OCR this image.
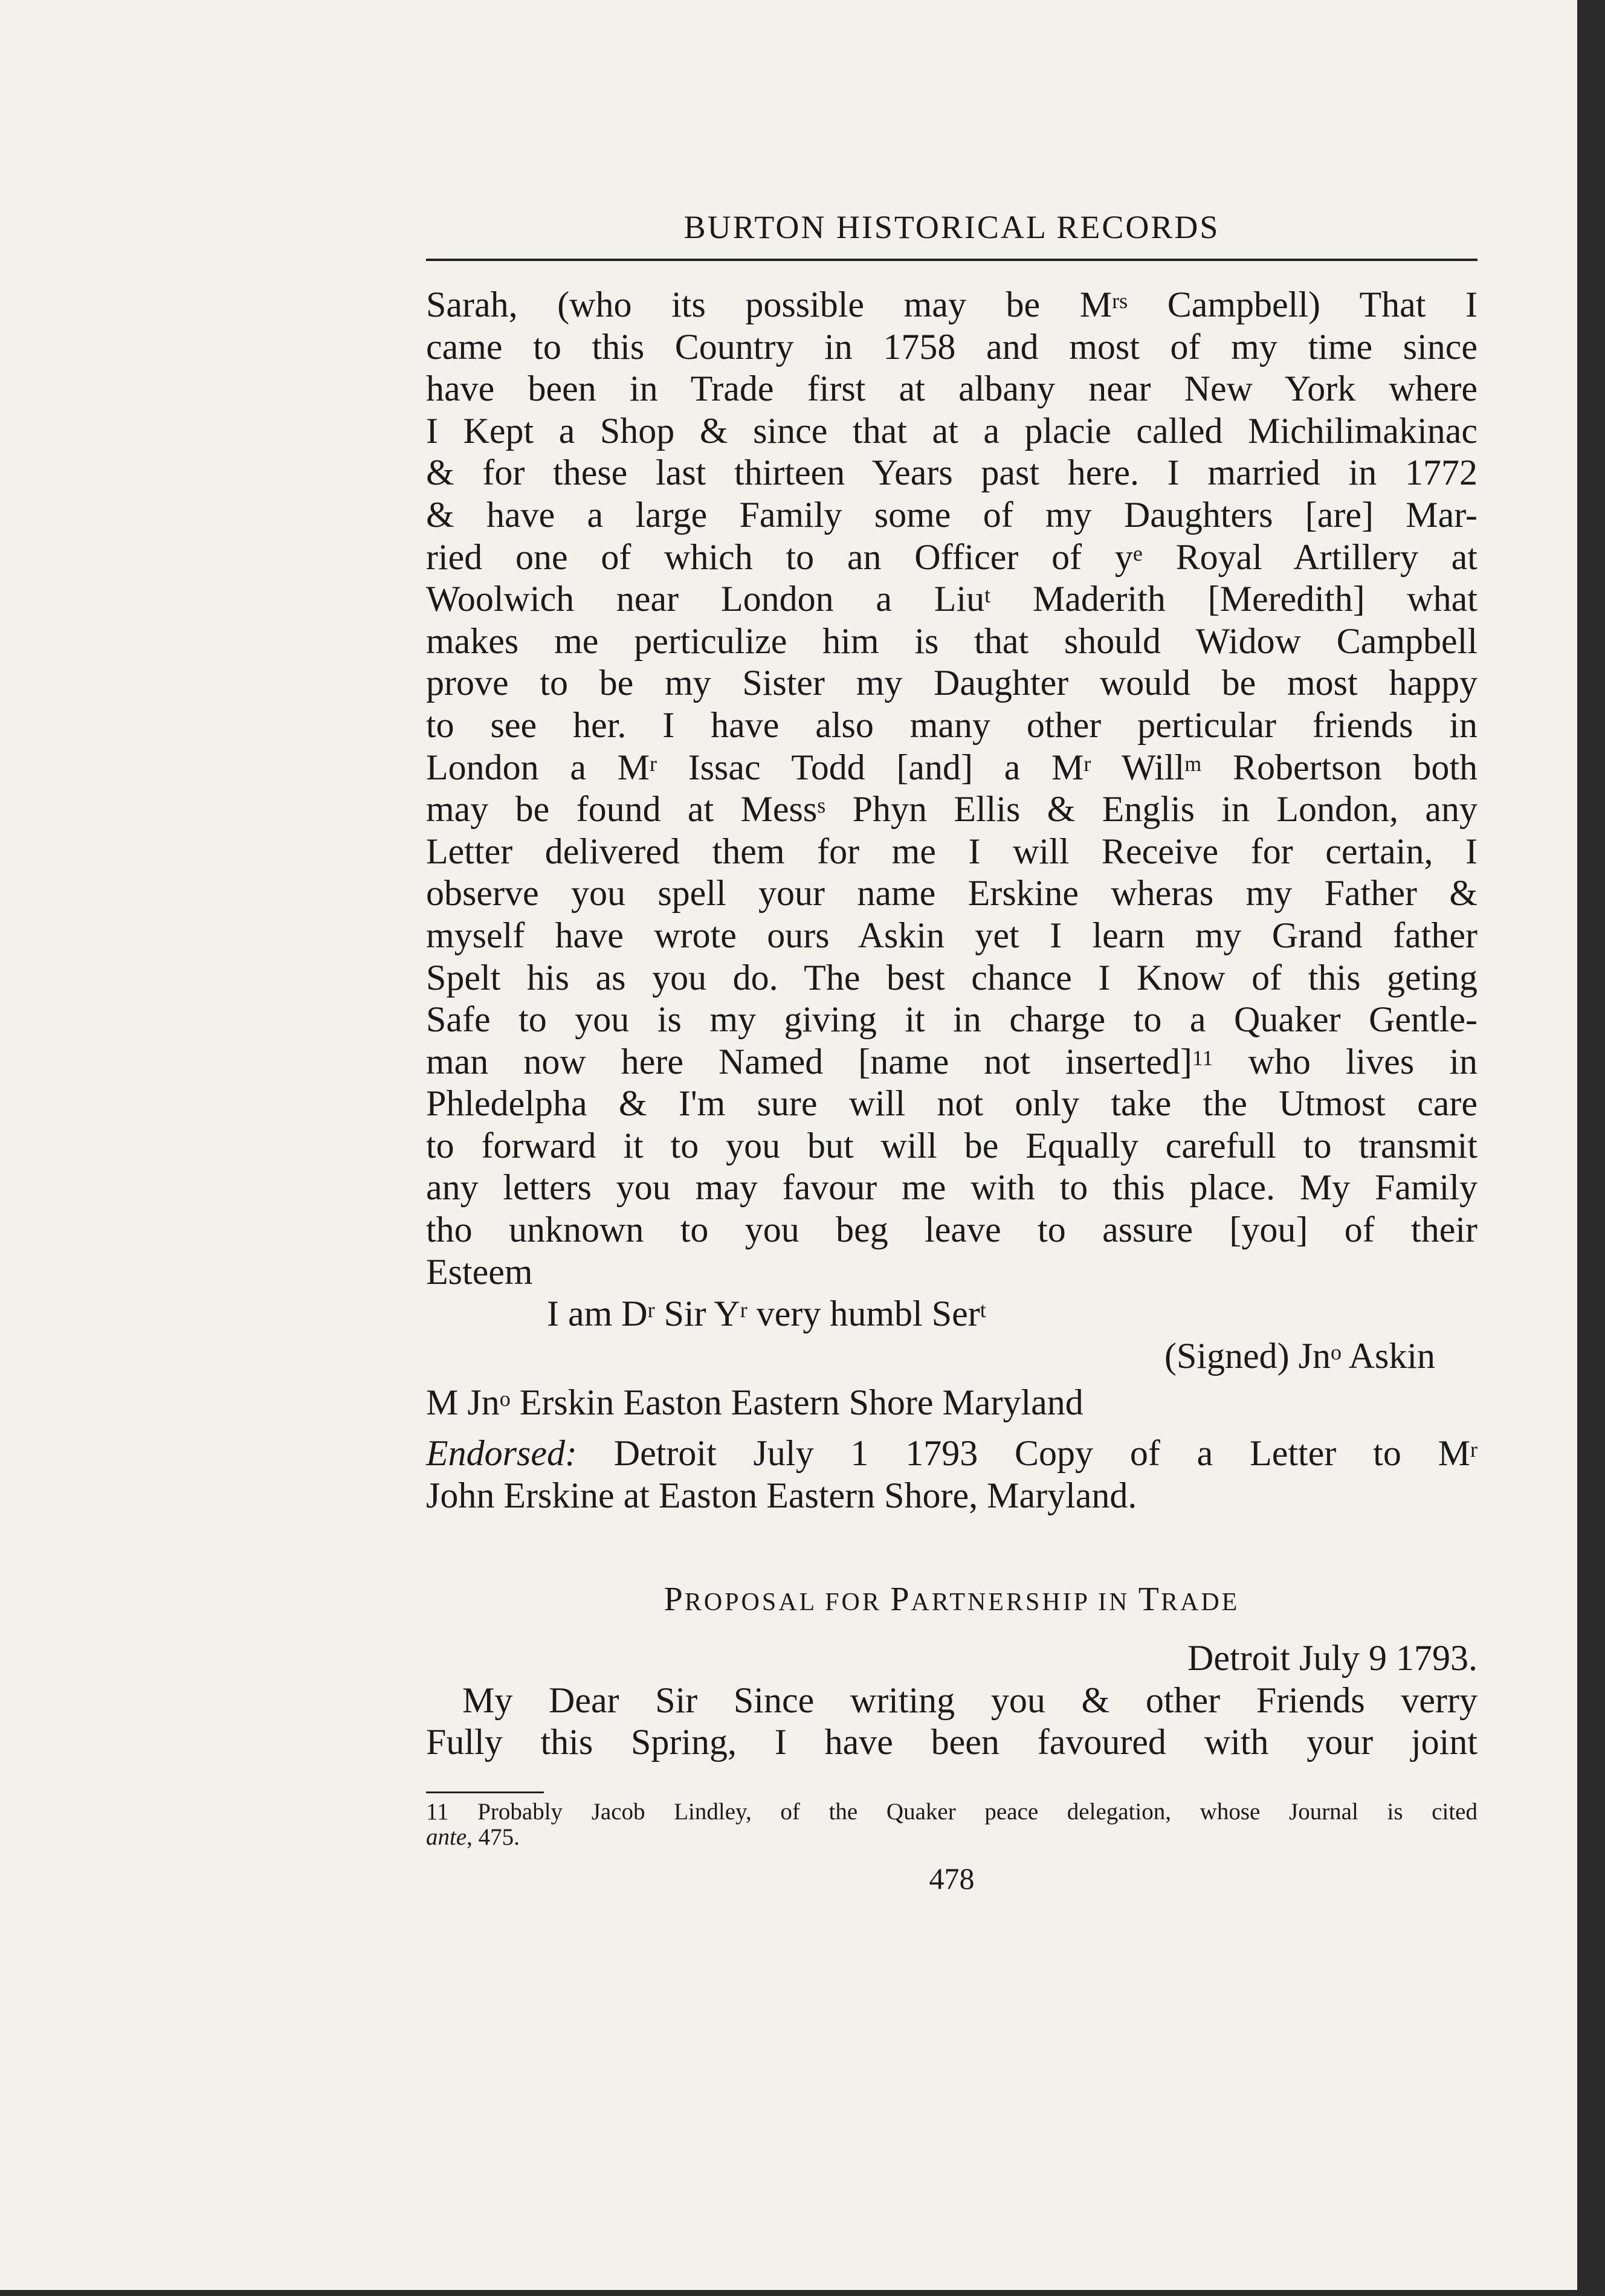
BURTON HISTORICAL RECORDS
Sarah, (who its possible may be $M^{rs}$ Campbell) That I
came to this Country in 1758 and most of my time since
have been in Trade first at albany near New York where
I Kept a Shop & since that at a placie called Michilimakinac
& for these last thirteen Years past here. I married in 1772
& have a large Family some of my Daughters [are] Mar-
ried one of which to an Officer of $y^e$ Royal Artillery at
Woolwich near London a Liu$^t$ Maderith [Meredith] what
makes me perticulize him is that should Widow Campbell
prove to be my Sister my Daughter would be most happy
to see her. I have also many other perticular friends in
London a $M^r$ Issac Todd [and] a $M^r$ Will$^m$ Robertson both
may be found at Mess$^s$ Phyn Ellis & Englis in London, any
Letter delivered them for me I will Receive for certain, I
observe you spell your name Erskine wheras my Father &
myself have wrote ours Askin yet I learn my Grand father
Spelt his as you do. The best chance I Know of this geting
Safe to you is my giving it in charge to a Quaker Gentle-
man now here Named [name not inserted]$^{11}$ who lives in
Phledelpha & I'm sure will not only take the Utmost care
to forward it to you but will be Equally carefull to transmit
any letters you may favour me with to this place. My Family
tho unknown to you beg leave to assure [you] of their
Esteem
I am $D^r$ Sir $Y^r$ very humbl Ser$^t$
(Signed) Jn$^o$ Askin
M Jn$^o$ Erskin Easton Eastern Shore Maryland
Endorsed: Detroit July 1 1793 Copy of a Letter to $M^r$
John Erskine at Easton Eastern Shore, Maryland.
PROPOSAL FOR PARTNERSHIP IN TRADE
Detroit July 9 1793.
My Dear Sir Since writing you & other Friends verry
Fully this Spring, I have been favoured with your joint
11 Probably Jacob Lindley, of the Quaker peace delegation, whose Journal is cited
ante, 475.
478
